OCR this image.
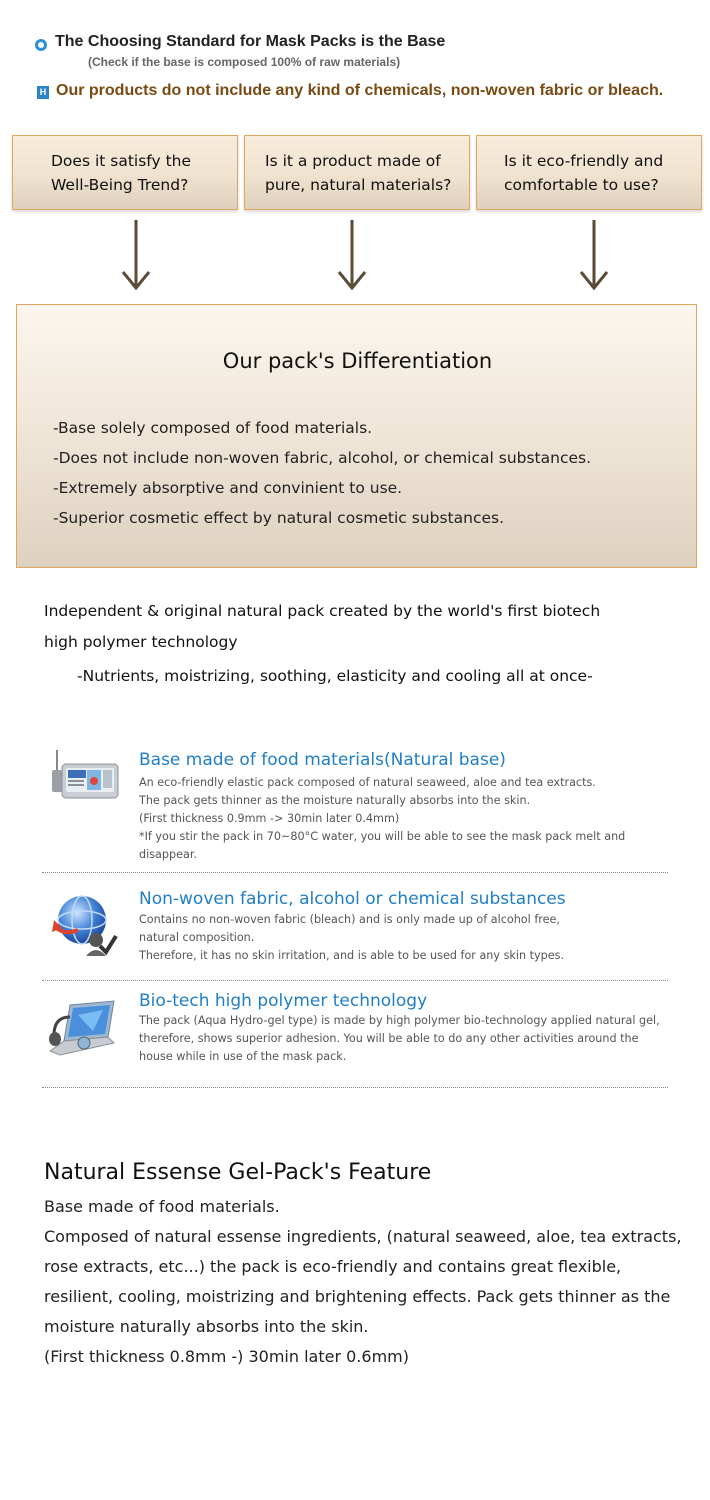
The Choosing Standard for Mask Packs is the Base
(Check if the base is composed 100% of raw materials)
H Our products do not include any kind of chemicals, non-woven fabric or bleach.
Does it satisfy the
Well-Being Trend?
Is it a product made of
pure, natural materials?
Is it eco-friendly and
comfortable to use?
Our pack's Differentiation
-Base solely composed of food materials.
-Does not include non-woven fabric, alcohol, or chemical substances.
-Extremely absorptive and convinient to use.
-Superior cosmetic effect by natural cosmetic substances.
Independent & original natural pack created by the world's first biotech
high polymer technology
-Nutrients, moistrizing, soothing, elasticity and cooling all at once-
Base made of food materials(Natural base)
An eco-friendly elastic pack composed of natural seaweed, aloe and tea extracts.
The pack gets thinner as the moisture naturally absorbs into the skin.
(First thickness 0.9mm -> 30min later 0.4mm)
*If you stir the pack in 70~80°C water, you will be able to see the mask pack melt and
disappear.
Non-woven fabric, alcohol or chemical substances
Contains no non-woven fabric (bleach) and is only made up of alcohol free,
natural composition.
Therefore, it has no skin irritation, and is able to be used for any skin types.
Bio-tech high polymer technology
The pack (Aqua Hydro-gel type) is made by high polymer bio-technology applied natural gel,
therefore, shows superior adhesion. You will be able to do any other activities around the
house while in use of the mask pack.
Natural Essense Gel-Pack's Feature

Base made of food materials.

Composed of natural essense ingredients, (natural seaweed, aloe, tea extracts,

rose extracts, etc...) the pack is eco-friendly and contains great flexible,

resilient, cooling, moistrizing and brightening effects. Pack gets thinner as the

moisture naturally absorbs into the skin.

(First thickness 0.8mm -) 30min later 0.6mm)
